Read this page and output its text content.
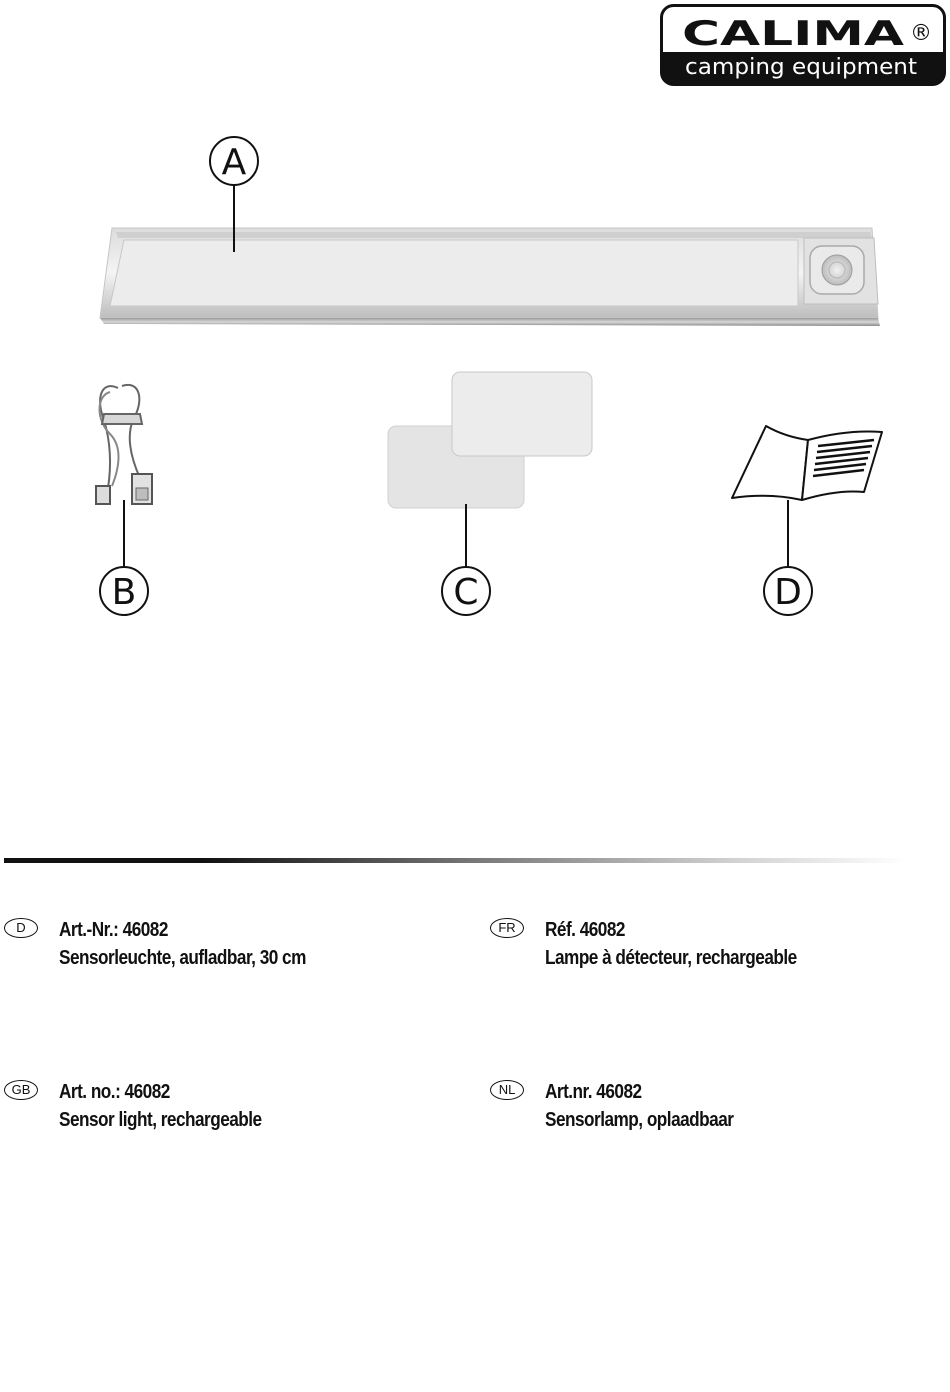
CALIMA ®
camping equipment
A
B	C	D
D	Art.-Nr.: 46082
Sensorleuchte, aufladbar, 30 cm
FR	Réf. 46082
Lampe à détecteur, rechargeable
GB	Art. no.: 46082
Sensor light, rechargeable
NL	Art.nr. 46082
Sensorlamp, oplaadbaar
